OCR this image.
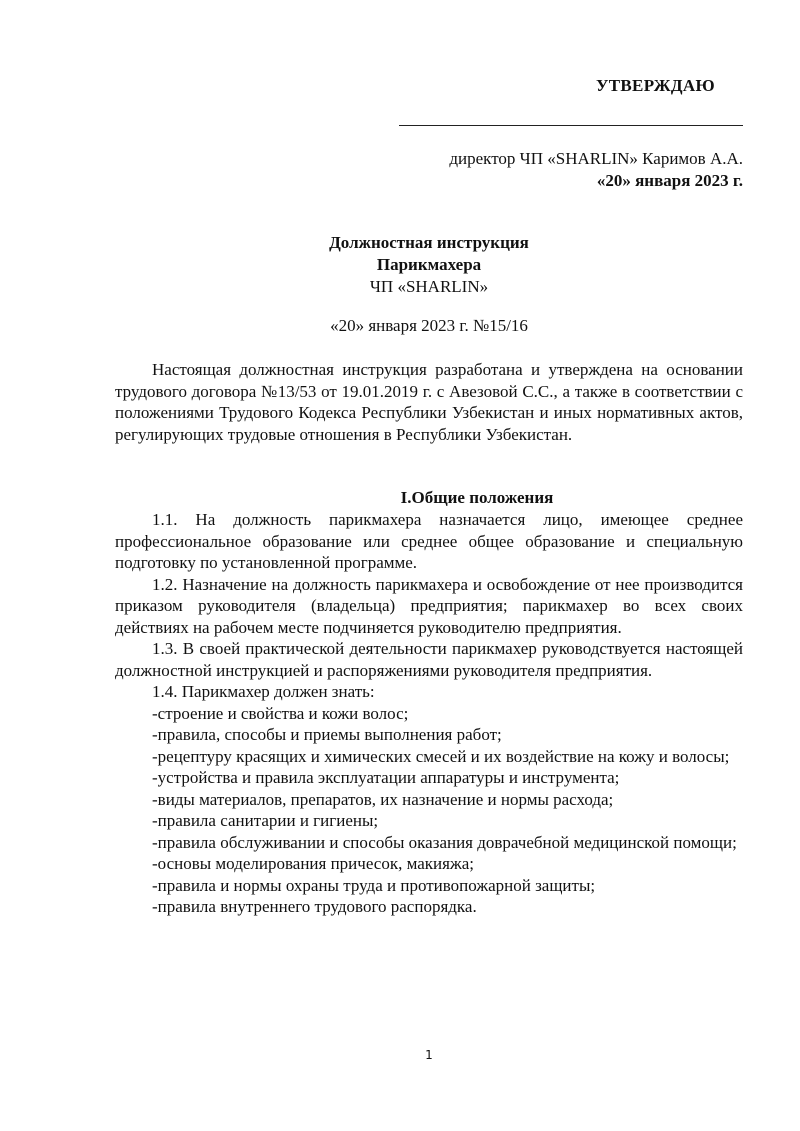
УТВЕРЖДАЮ
директор ЧП «SHARLIN» Каримов А.А.
«20» января 2023 г.
Должностная инструкция
Парикмахера
ЧП «SHARLIN»
«20» января 2023 г. №15/16
Настоящая должностная инструкция разработана и утверждена на основании трудового договора №13/53 от 19.01.2019 г. с Авезовой С.С., а также в соответствии с положениями Трудового Кодекса Республики Узбекистан и иных нормативных актов, регулирующих трудовые отношения в Республики Узбекистан.
I.Общие положения

1.1. На должность парикмахера назначается лицо, имеющее среднее профессиональное образование или среднее общее образование и специальную подготовку по установленной программе.

1.2. Назначение на должность парикмахера и освобождение от нее производится приказом руководителя (владельца) предприятия; парикмахер во всех своих действиях на рабочем месте подчиняется руководителю предприятия.

1.3. В своей практической деятельности парикмахер руководствуется настоящей должностной инструкцией и распоряжениями руководителя предприятия.

1.4. Парикмахер должен знать:

-строение и свойства и кожи волос;
-правила, способы и приемы выполнения работ;
-рецептуру красящих и химических смесей и их воздействие на кожу и волосы;
-устройства и правила эксплуатации аппаратуры и инструмента;
-виды материалов, препаратов, их назначение и нормы расхода;
-правила санитарии и гигиены;
-правила обслуживании и способы оказания доврачебной медицинской помощи;
-основы моделирования причесок, макияжа;
-правила и нормы охраны труда и противопожарной защиты;
-правила внутреннего трудового распорядка.
1
